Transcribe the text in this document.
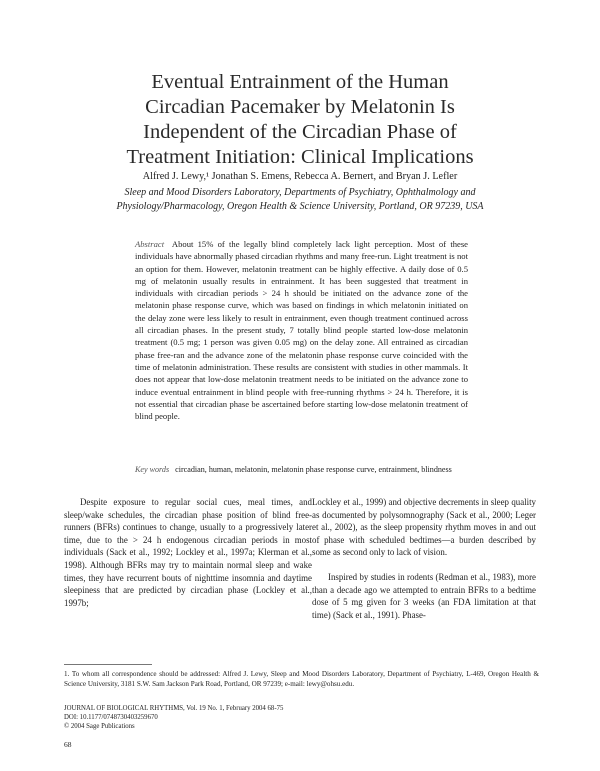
Eventual Entrainment of the Human
Circadian Pacemaker by Melatonin Is
Independent of the Circadian Phase of
Treatment Initiation: Clinical Implications
Alfred J. Lewy,¹ Jonathan S. Emens, Rebecca A. Bernert, and Bryan J. Lefler
Sleep and Mood Disorders Laboratory, Departments of Psychiatry, Ophthalmology and
Physiology/Pharmacology, Oregon Health & Science University, Portland, OR 97239, USA
Abstract About 15% of the legally blind completely lack light perception. Most of these individuals have abnormally phased circadian rhythms and many free-run. Light treatment is not an option for them. However, melatonin treatment can be highly effective. A daily dose of 0.5 mg of melatonin usually results in entrainment. It has been suggested that treatment in individuals with circadian periods > 24 h should be initiated on the advance zone of the melatonin phase response curve, which was based on findings in which melatonin initiated on the delay zone were less likely to result in entrainment, even though treatment continued across all circadian phases. In the present study, 7 totally blind people started low-dose melatonin treatment (0.5 mg; 1 person was given 0.05 mg) on the delay zone. All entrained as circadian phase free-ran and the advance zone of the melatonin phase response curve coincided with the time of melatonin administration. These results are consistent with studies in other mammals. It does not appear that low-dose melatonin treatment needs to be initiated on the advance zone to induce eventual entrainment in blind people with free-running rhythms > 24 h. Therefore, it is not essential that circadian phase be ascertained before starting low-dose melatonin treatment of blind people.
Key words circadian, human, melatonin, melatonin phase response curve, entrainment, blindness

Despite exposure to regular social cues, meal times, and sleep/wake schedules, the circadian phase position of blind free-runners (BFRs) continues to change, usually to a progressively later time, due to the > 24 h endogenous circadian periods in most individuals (Sack et al., 1992; Lockley et al., 1997a; Klerman et al., 1998). Although BFRs may try to maintain normal sleep and wake times, they have recurrent bouts of nighttime insomnia and daytime sleepiness that are predicted by circadian phase (Lockley et al., 1997b;

Lockley et al., 1999) and objective decrements in sleep quality as documented by polysomnography (Sack et al., 2000; Leger et al., 2002), as the sleep propensity rhythm moves in and out of phase with scheduled bedtimes—a burden described by some as second only to lack of vision.

Inspired by studies in rodents (Redman et al., 1983), more than a decade ago we attempted to entrain BFRs to a bedtime dose of 5 mg given for 3 weeks (an FDA limitation at that time) (Sack et al., 1991). Phase-

1. To whom all correspondence should be addressed: Alfred J. Lewy, Sleep and Mood Disorders Laboratory, Department of Psychiatry, L-469, Oregon Health & Science University, 3181 S.W. Sam Jackson Park Road, Portland, OR 97239; e-mail: lewy@ohsu.edu.
JOURNAL OF BIOLOGICAL RHYTHMS, Vol. 19 No. 1, February 2004 68-75
DOI: 10.1177/0748730403259670
© 2004 Sage Publications
68
